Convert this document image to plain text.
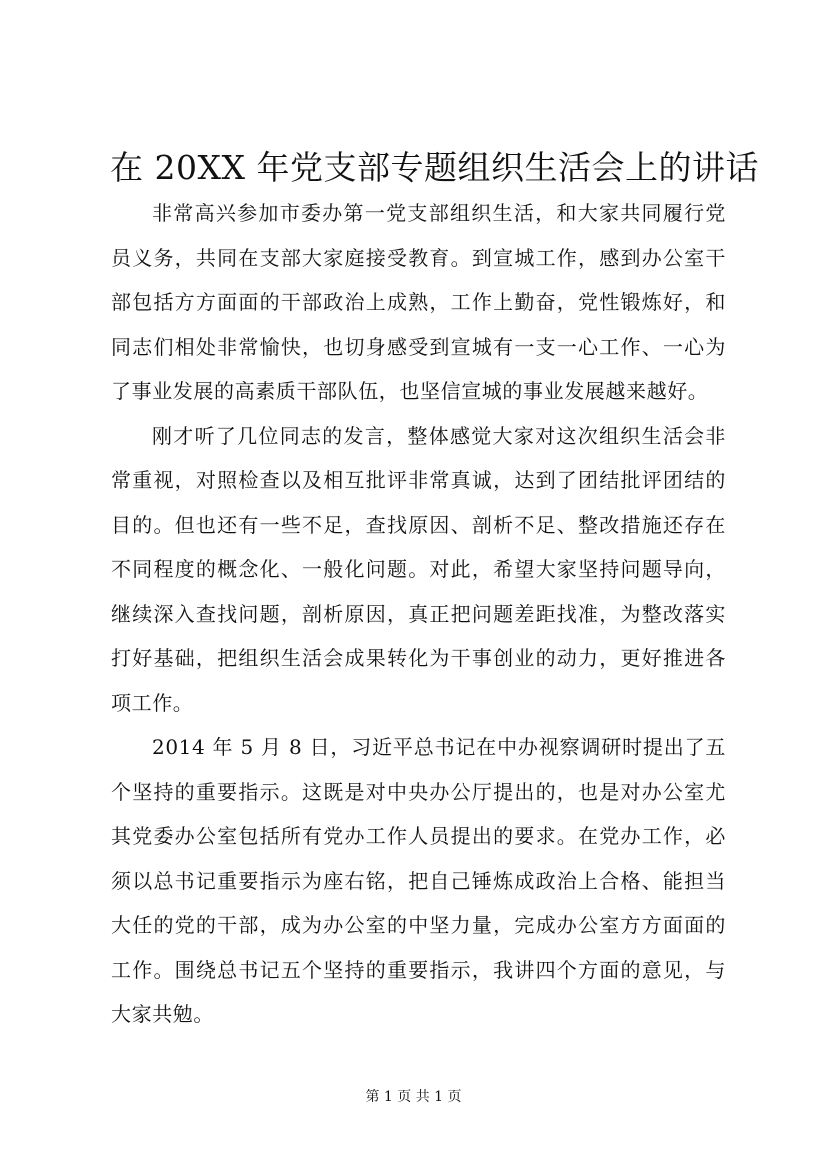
在 20XX 年党支部专题组织生活会上的讲话

非常高兴参加市委办第一党支部组织生活，和大家共同履行党员义务，共同在支部大家庭接受教育。到宣城工作，感到办公室干部包括方方面面的干部政治上成熟，工作上勤奋，党性锻炼好，和同志们相处非常愉快，也切身感受到宣城有一支一心工作、一心为了事业发展的高素质干部队伍，也坚信宣城的事业发展越来越好。

刚才听了几位同志的发言，整体感觉大家对这次组织生活会非常重视，对照检查以及相互批评非常真诚，达到了团结批评团结的目的。但也还有一些不足，查找原因、剖析不足、整改措施还存在不同程度的概念化、一般化问题。对此，希望大家坚持问题导向，继续深入查找问题，剖析原因，真正把问题差距找准，为整改落实打好基础，把组织生活会成果转化为干事创业的动力，更好推进各项工作。

2014 年 5 月 8 日，习近平总书记在中办视察调研时提出了五个坚持的重要指示。这既是对中央办公厅提出的，也是对办公室尤其党委办公室包括所有党办工作人员提出的要求。在党办工作，必须以总书记重要指示为座右铭，把自己锤炼成政治上合格、能担当大任的党的干部，成为办公室的中坚力量，完成办公室方方面面的工作。围绕总书记五个坚持的重要指示，我讲四个方面的意见，与大家共勉。

第 1 页 共 1 页
